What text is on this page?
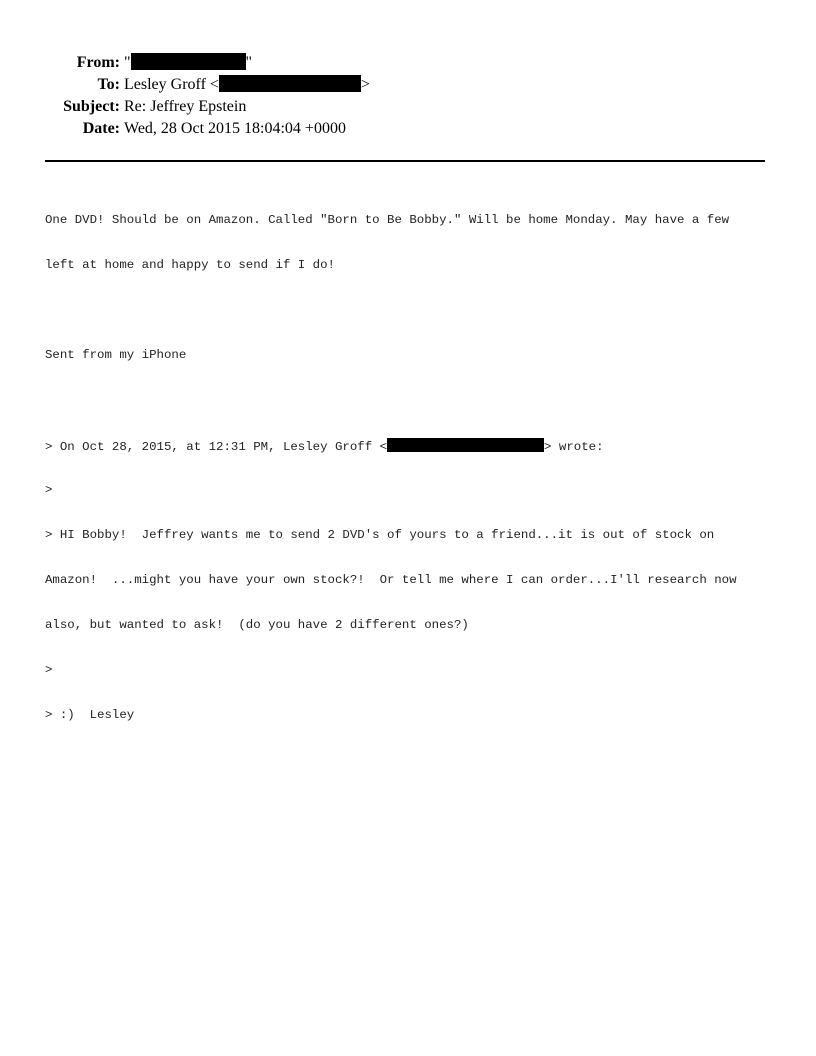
From: "	"
To: Lesley Groff <	>
Subject: Re: Jeffrey Epstein
Date: Wed, 28 Oct 2015 18:04:04 +0000

One DVD! Should be on Amazon. Called "Born to Be Bobby." Will be home Monday. May have a few

left at home and happy to send if I do!

Sent from my iPhone

> On Oct 28, 2015, at 12:31 PM, Lesley Groff <	> wrote:

>

> HI Bobby!  Jeffrey wants me to send 2 DVD's of yours to a friend...it is out of stock on

Amazon!  ...might you have your own stock?!  Or tell me where I can order...I'll research now

also, but wanted to ask!  (do you have 2 different ones?)

>

> :)  Lesley
